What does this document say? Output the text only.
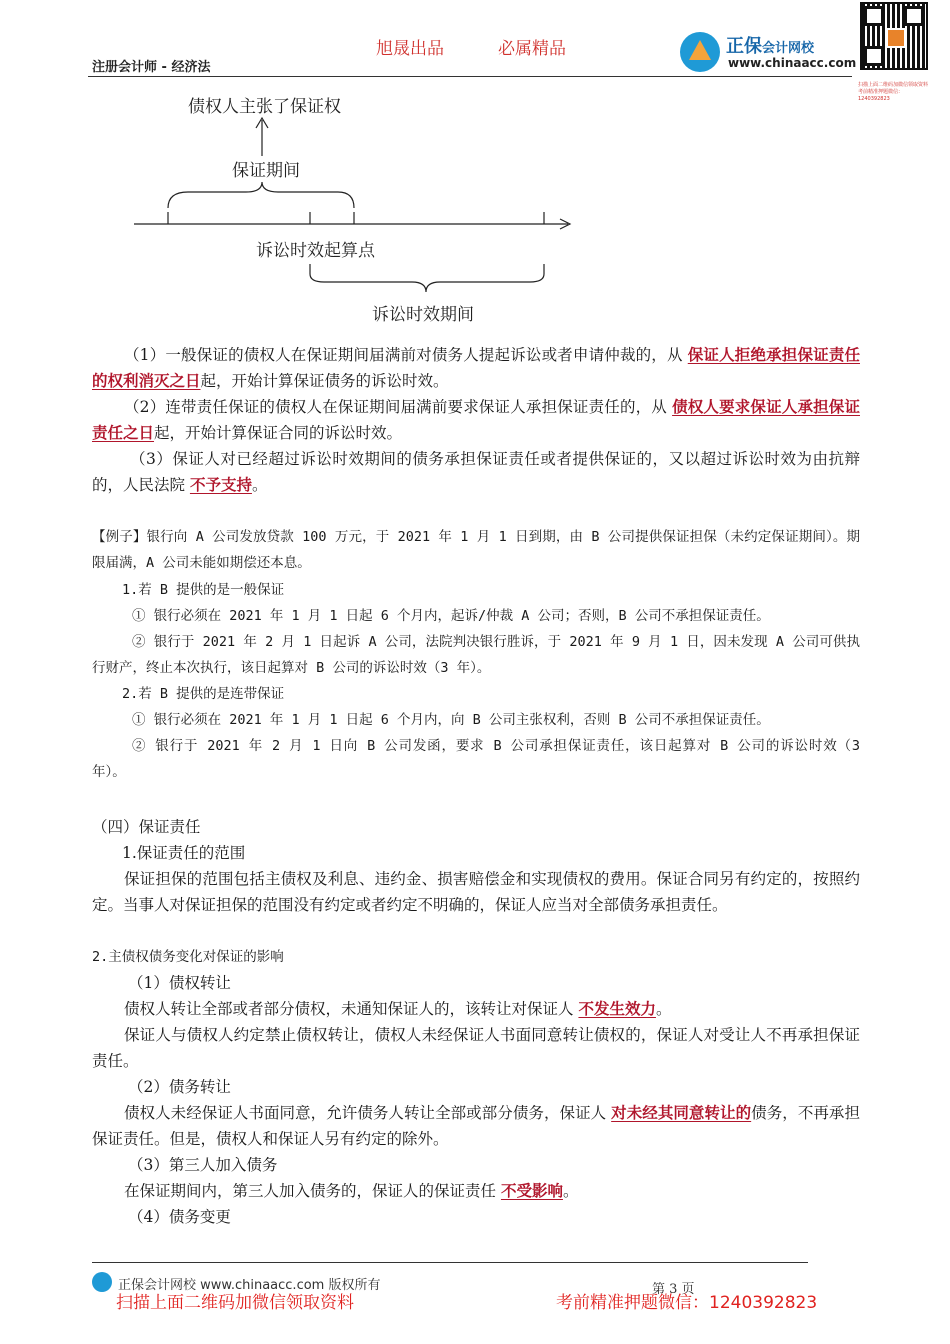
旭晟出品	必属精品
注册会计师 - 经济法
正保会计网校
www.chinaacc.com
扫描上面二维码加微信领取资料 考前精准押题微信：1240392823
债权人主张了保证权
保证期间
诉讼时效起算点
诉讼时效期间
（1）一般保证的债权人在保证期间届满前对债务人提起诉讼或者申请仲裁的，从 保证人拒绝承担保证责任的权利消灭之日起，开始计算保证债务的诉讼时效。
（2）连带责任保证的债权人在保证期间届满前要求保证人承担保证责任的，从 债权人要求保证人承担保证责任之日起，开始计算保证合同的诉讼时效。
（3）保证人对已经超过诉讼时效期间的债务承担保证责任或者提供保证的，又以超过诉讼时效为由抗辩的，人民法院 不予支持。
【例子】银行向 A 公司发放贷款 100 万元，于 2021 年 1 月 1 日到期，由 B 公司提供保证担保（未约定保证期间）。期限届满，A 公司未能如期偿还本息。
1.若 B 提供的是一般保证
① 银行必须在 2021 年 1 月 1 日起 6 个月内，起诉/仲裁 A 公司；否则，B 公司不承担保证责任。
② 银行于 2021 年 2 月 1 日起诉 A 公司，法院判决银行胜诉，于 2021 年 9 月 1 日，因未发现 A 公司可供执行财产，终止本次执行，该日起算对 B 公司的诉讼时效（3 年）。
2.若 B 提供的是连带保证
① 银行必须在 2021 年 1 月 1 日起 6 个月内，向 B 公司主张权利，否则 B 公司不承担保证责任。
② 银行于 2021 年 2 月 1 日向 B 公司发函，要求 B 公司承担保证责任，该日起算对 B 公司的诉讼时效（3 年）。
（四）保证责任
1.保证责任的范围
保证担保的范围包括主债权及利息、违约金、损害赔偿金和实现债权的费用。保证合同另有约定的，按照约定。当事人对保证担保的范围没有约定或者约定不明确的，保证人应当对全部债务承担责任。
2.主债权债务变化对保证的影响
（1）债权转让
债权人转让全部或者部分债权，未通知保证人的，该转让对保证人 不发生效力。
保证人与债权人约定禁止债权转让，债权人未经保证人书面同意转让债权的，保证人对受让人不再承担保证责任。
（2）债务转让
债权人未经保证人书面同意，允许债务人转让全部或部分债务，保证人 对未经其同意转让的债务，不再承担保证责任。但是，债权人和保证人另有约定的除外。
（3）第三人加入债务
在保证期间内，第三人加入债务的，保证人的保证责任 不受影响。
（4）债务变更
正保会计网校 www.chinaacc.com 版权所有	第 3 页
扫描上面二维码加微信领取资料	考前精准押题微信：1240392823
